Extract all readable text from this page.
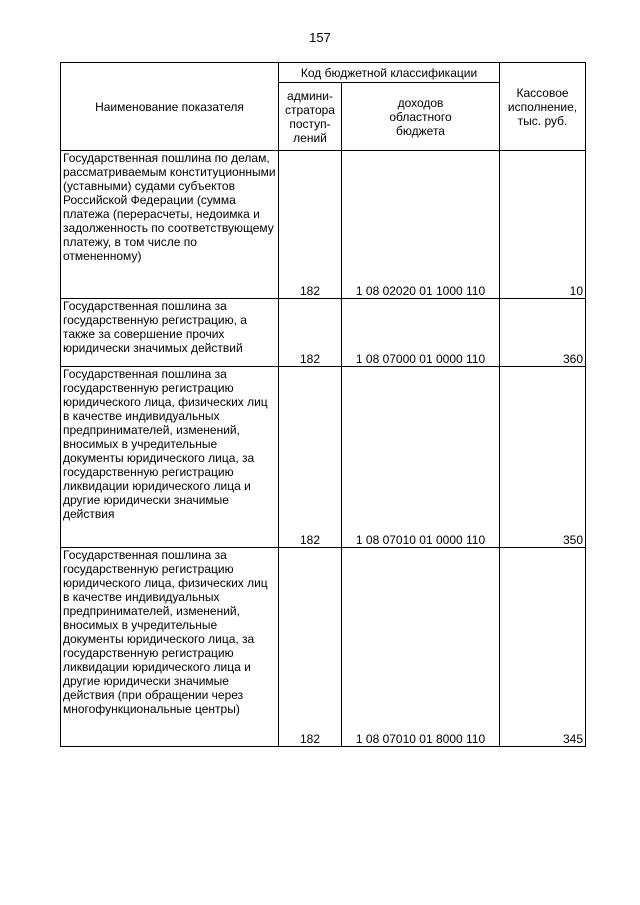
157
Наименование показателя	Код бюджетной классификации		Кассовое
исполнение,
тыс. руб.
	админи-
стратора
поступ-
лений	доходов
областного
бюджета	
Государственная пошлина по делам, рассматриваемым конституционными (уставными) судами субъектов Российской Федерации (сумма платежа (перерасчеты, недоимка и задолженность по соответствующему платежу, в том числе по отмененному)	182	1 08 02020 01 1000 110	10
Государственная пошлина за государственную регистрацию, а также за совершение прочих юридически значимых действий	182	1 08 07000 01 0000 110	360
Государственная пошлина за государственную регистрацию юридического лица, физических лиц в качестве индивидуальных предпринимателей, изменений, вносимых в учредительные документы юридического лица, за государственную регистрацию ликвидации юридического лица и другие юридически значимые действия	182	1 08 07010 01 0000 110	350
Государственная пошлина за государственную регистрацию юридического лица, физических лиц в качестве индивидуальных предпринимателей, изменений, вносимых в учредительные документы юридического лица, за государственную регистрацию ликвидации юридического лица и другие юридически значимые действия (при обращении через многофункциональные центры)	182	1 08 07010 01 8000 110	345
